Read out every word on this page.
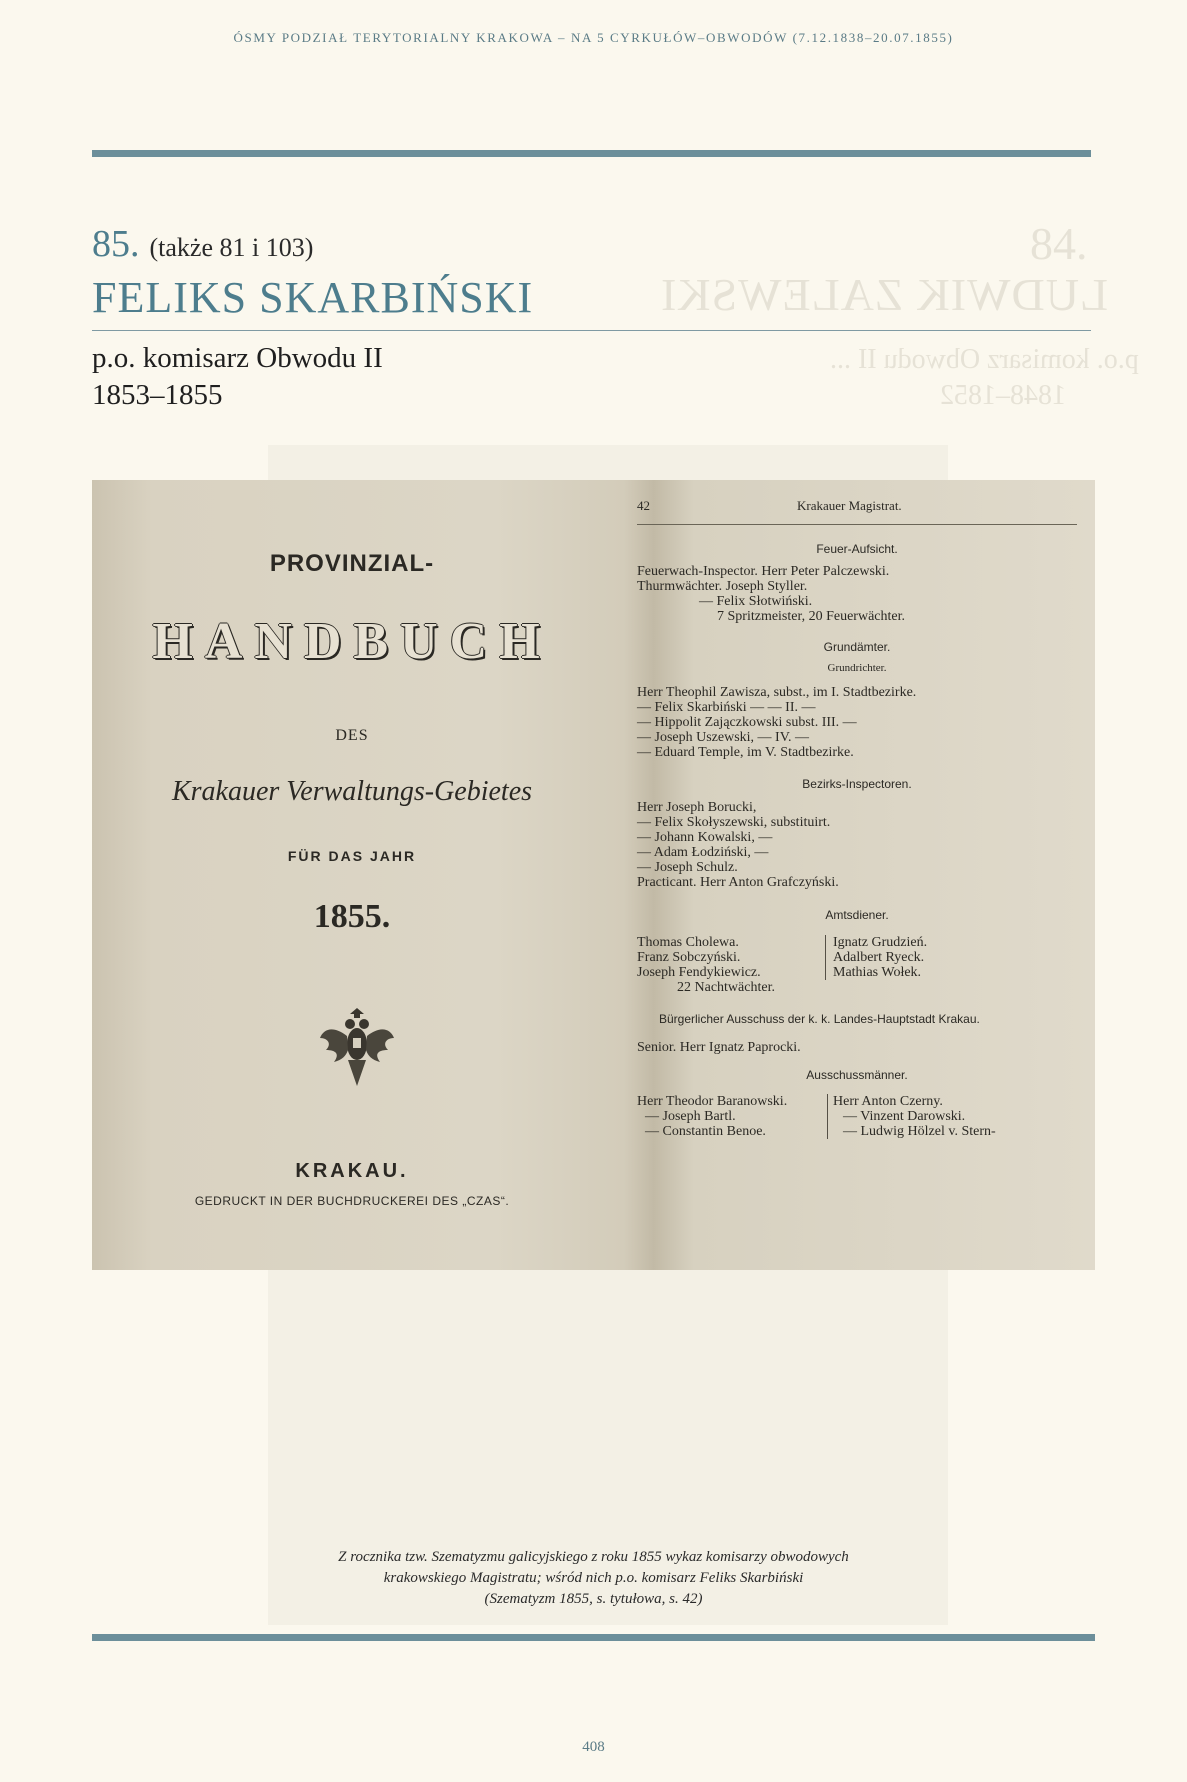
ÓSMY PODZIAŁ TERYTORIALNY KRAKOWA – NA 5 CYRKUŁÓW–OBWODÓW (7.12.1838–20.07.1855)
84.
LUDWIK ZALEWSKI
p.o. komisarz Obwodu II ...
1848–1852
85. (także 81 i 103)
FELIKS SKARBIŃSKI
p.o. komisarz Obwodu II
1853–1855
PROVINZIAL-
HANDBUCH
DES
Krakauer Verwaltungs-Gebietes
FÜR DAS JAHR
1855.
KRAKAU.
GEDRUCKT IN DER BUCHDRUCKEREI DES „CZAS“.
42	Krakauer Magistrat.
Feuer-Aufsicht.
Feuerwach-Inspector. Herr Peter Palczewski.
Thurmwächter. Joseph Styller.
— Felix Słotwiński.
7 Spritzmeister, 20 Feuerwächter.
Grundämter.
Grundrichter.
Herr Theophil Zawisza, subst., im I. Stadtbezirke.
— Felix Skarbiński — — II. —
— Hippolit Zajączkowski subst. III. —
— Joseph Uszewski, — IV. —
— Eduard Temple, im V. Stadtbezirke.
Bezirks-Inspectoren.
Herr Joseph Borucki,
— Felix Skołyszewski, substituirt.
— Johann Kowalski, —
— Adam Łodziński, —
— Joseph Schulz.
Practicant. Herr Anton Grafczyński.
Amtsdiener.
Thomas Cholewa.
Franz Sobczyński.
Joseph Fendykiewicz.
22 Nachtwächter.
Ignatz Grudzień.
Adalbert Ryeck.
Mathias Wołek.
Bürgerlicher Ausschuss der k. k. Landes-Hauptstadt Krakau.
Senior. Herr Ignatz Paprocki.
Ausschussmänner.
Herr Theodor Baranowski.
— Joseph Bartl.
— Constantin Benoe.
Herr Anton Czerny.
— Vinzent Darowski.
— Ludwig Hölzel v. Stern-
Z rocznika tzw. Szematyzmu galicyjskiego z roku 1855 wykaz komisarzy obwodowych
krakowskiego Magistratu; wśród nich p.o. komisarz Feliks Skarbiński
(Szematyzm 1855, s. tytułowa, s. 42)
408
